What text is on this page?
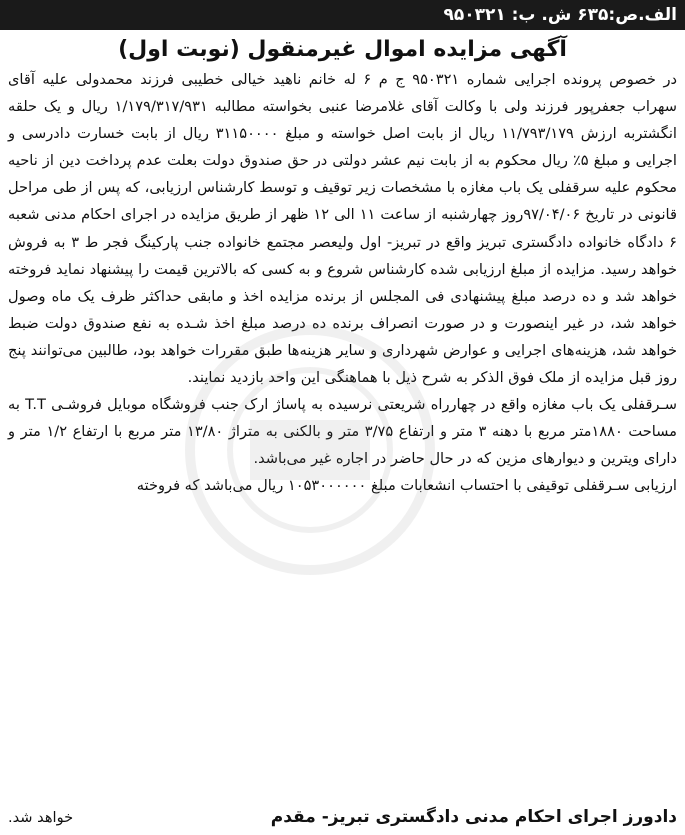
الف.ص:۶۳۵ ش. ب: ۹۵۰۳۲۱
آگهی مزایده اموال غیرمنقول (نوبت اول)

در خصوص پرونده اجرایی شماره ۹۵۰۳۲۱ ج م ۶ له خانم ناهید خیالی خطیبی فرزند محمدولی علیه آقای سهراب جعفرپور فرزند ولی با وکالت آقای غلامرضا عنبی بخواسته مطالبه ۱/۱۷۹/۳۱۷/۹۳۱ ریال و یک حلقه انگشتربه ارزش ۱۱/۷۹۳/۱۷۹ ریال از بابت اصل خواسته و مبلغ ۳۱۱۵۰۰۰۰ ریال از بابت خسارت دادرسی و اجرایی و مبلغ ۵٪ ریال محکوم به از بابت نیم عشر دولتی در حق صندوق دولت بعلت عدم پرداخت دین از ناحیه محکوم علیه سرقفلی یک باب مغازه با مشخصات زیر توقیف و توسط کارشناس ارزیابی، که پس از طی مراحل قانونی در تاریخ ۹۷/۰۴/۰۶روز چهارشنبه از ساعت ۱۱ الی ۱۲ ظهر از طریق مزایده در اجرای احکام مدنی شعبه ۶ دادگاه خانواده دادگستری تبریز واقع در تبریز- اول ولیعصر مجتمع خانواده جنب پارکینگ فجر ط ۳ به فروش خواهد رسید. مزایده از مبلغ ارزیابی شده کارشناس شروع و به کسی که بالاترین قیمت را پیشنهاد نماید فروخته خواهد شد و ده درصد مبلغ پیشنهادی فی المجلس از برنده مزایده اخذ و مابقی حداکثر ظرف یک ماه وصول خواهد شد، در غیر اینصورت و در صورت انصراف برنده ده درصد مبلغ اخذ شـده به نفع صندوق دولت ضبط خواهد شد، هزینه‌های اجرایی و عوارض شهرداری و سایر هزینه‌ها طبق مقررات خواهد بود، طالبین می‌توانند پنج روز قبل مزایده از ملک فوق الذکر به شرح ذیل با هماهنگی این واحد بازدید نمایند.

سـرقفلی یک باب مغازه واقع در چهارراه شریعتی نرسیده به پاساژ ارک جنب فروشگاه موبایل فروشـی T.T به مساحت ۱۸۸۰متر مربع با دهنه ۳ متر و ارتفاع ۳/۷۵ متر و بالکنی به متراژ ۱۳/۸۰ متر مربع با ارتفاع ۱/۲ متر و دارای ویترین و دیوارهای مزین که در حال حاضر در اجاره غیر می‌باشد.

ارزیابی سـرقفلی توقیفی با احتساب انشعابات مبلغ ۱۰۵۳۰۰۰۰۰۰ ریال می‌باشد که فروخته

دادورز اجرای احکام مدنی دادگستری تبریز- مقدم
خواهد شد.
